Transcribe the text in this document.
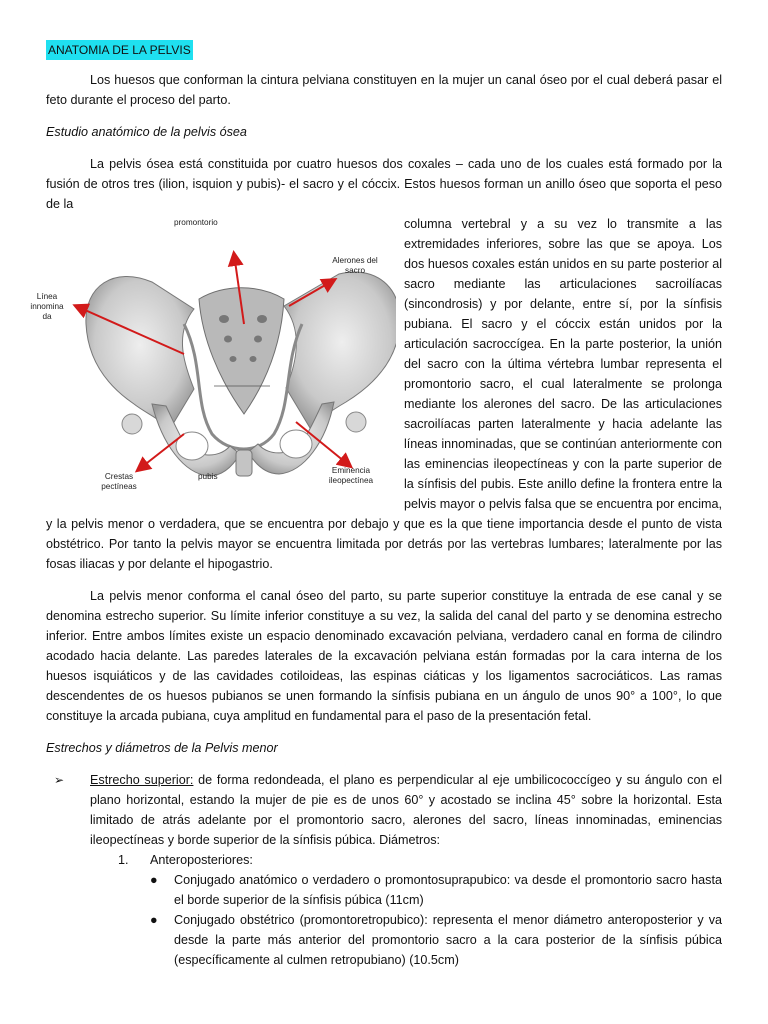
ANATOMIA DE LA PELVIS

Los huesos que conforman la cintura pelviana constituyen en la mujer un canal óseo por el cual deberá pasar el feto durante el proceso del parto.

Estudio anatómico de la pelvis ósea

La pelvis ósea está constituida por cuatro huesos dos coxales – cada uno de los cuales está formado por la fusión de otros tres (ilion, isquion y pubis)- el sacro y el cóccix. Estos huesos forman un anillo óseo que soporta el peso de la

promontorio
Alerones del sacro
Línea innomina da
Crestas pectíneas
pubis
Eminencia ileopectínea

columna vertebral y a su vez lo transmite a las extremidades inferiores, sobre las que se apoya. Los dos huesos coxales están unidos en su parte posterior al sacro mediante las articulaciones sacroilíacas (sincondrosis) y por delante, entre sí, por la sínfisis pubiana. El sacro y el cóccix están unidos por la articulación sacroccígea. En la parte posterior, la unión del sacro con la última vértebra lumbar representa el promontorio sacro, el cual lateralmente se prolonga mediante los alerones del sacro. De las articulaciones sacroilíacas parten lateralmente y hacia adelante las líneas innominadas, que se continúan anteriormente con las eminencias ileopectíneas y con la parte superior de la sínfisis del pubis. Este anillo define la frontera entre la pelvis mayor o pelvis falsa que se encuentra por encima, y la pelvis menor o verdadera, que se encuentra por debajo y que es la que tiene importancia desde el punto de vista obstétrico. Por tanto la pelvis mayor se encuentra limitada por detrás por las vertebras lumbares; lateralmente por las fosas iliacas y por delante el hipogastrio.

La pelvis menor conforma el canal óseo del parto, su parte superior constituye la entrada de ese canal y se denomina estrecho superior. Su límite inferior constituye a su vez, la salida del canal del parto y se denomina estrecho inferior. Entre ambos límites existe un espacio denominado excavación pelviana, verdadero canal en forma de cilindro acodado hacia delante. Las paredes laterales de la excavación pelviana están formadas por la cara interna de los huesos isquiáticos y de las cavidades cotiloideas, las espinas ciáticas y los ligamentos sacrociáticos. Las ramas descendentes de os huesos pubianos se unen formando la sínfisis pubiana en un ángulo de unos 90° a 100°, lo que constituye la arcada pubiana, cuya amplitud en fundamental para el paso de la presentación fetal.

Estrechos y diámetros de la Pelvis menor

➢ Estrecho superior: de forma redondeada, el plano es perpendicular al eje umbilicococcígeo y su ángulo con el plano horizontal, estando la mujer de pie es de unos 60° y acostado se inclina 45° sobre la horizontal. Esta limitado de atrás adelante por el promontorio sacro, alerones del sacro, líneas innominadas, eminencias ileopectíneas y borde superior de la sínfisis púbica. Diámetros:
1. Anteroposteriores:
● Conjugado anatómico o verdadero o promontosuprapubico: va desde el promontorio sacro hasta el borde superior de la sínfisis púbica (11cm)
● Conjugado obstétrico (promontoretropubico): representa el menor diámetro anteroposterior y va desde la parte más anterior del promontorio sacro a la cara posterior de la sínfisis púbica (específicamente al culmen retropubiano) (10.5cm)
